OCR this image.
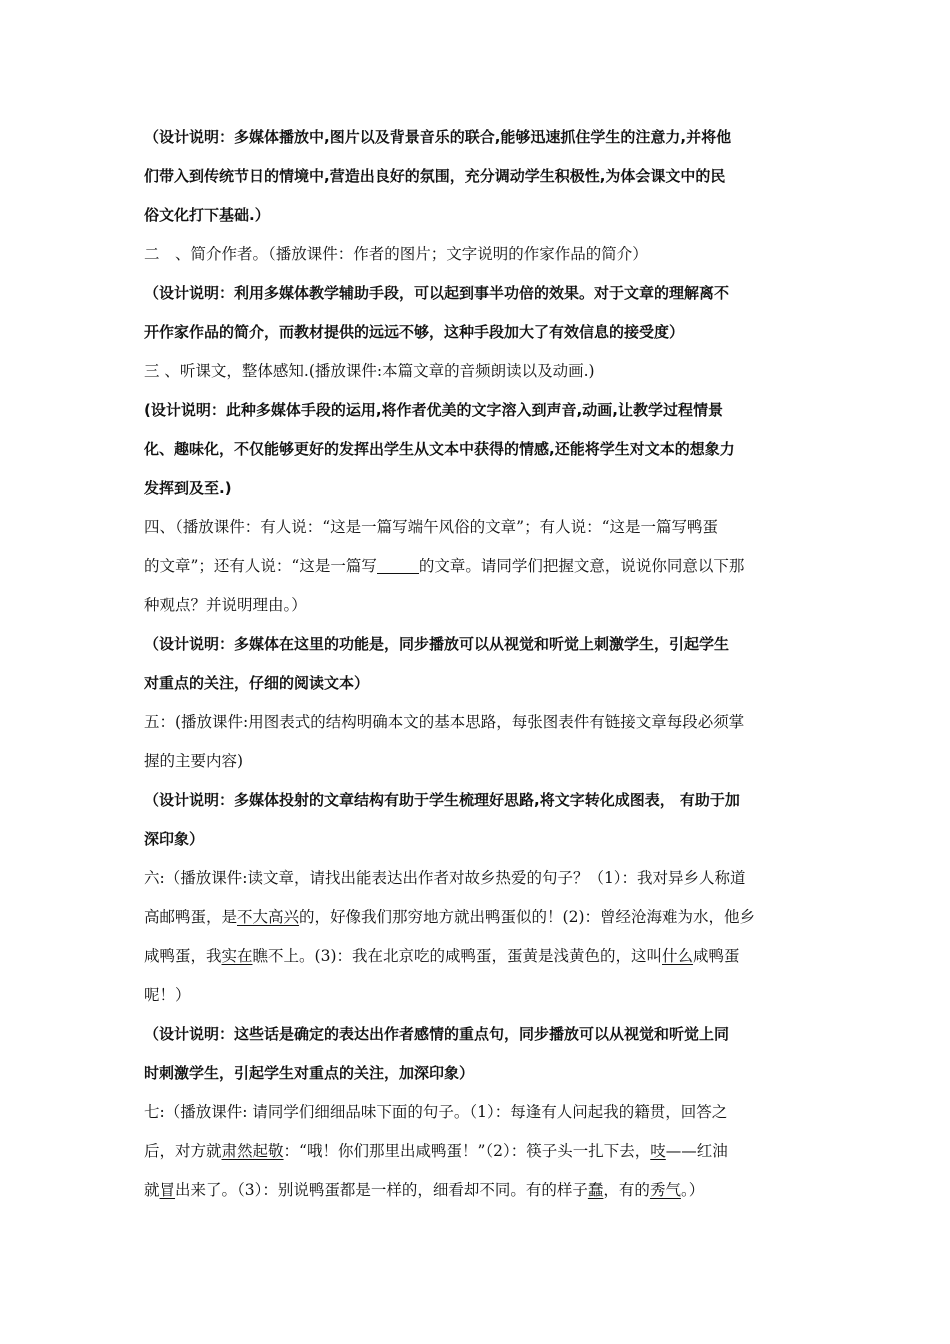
（设计说明：多媒体播放中,图片以及背景音乐的联合,能够迅速抓住学生的注意力,并将他
们带入到传统节日的情境中,营造出良好的氛围，充分调动学生积极性,为体会课文中的民
俗文化打下基础.）
二　、简介作者。（播放课件：作者的图片；文字说明的作家作品的简介）
（设计说明：利用多媒体教学辅助手段，可以起到事半功倍的效果。对于文章的理解离不
开作家作品的简介，而教材提供的远远不够，这种手段加大了有效信息的接受度）
三 、听课文，整体感知.(播放课件:本篇文章的音频朗读以及动画.)
(设计说明：此种多媒体手段的运用,将作者优美的文字溶入到声音,动画,让教学过程情景
化、趣味化，不仅能够更好的发挥出学生从文本中获得的情感,还能将学生对文本的想象力
发挥到及至.)
四、（播放课件：有人说：“这是一篇写端午风俗的文章”；有人说：“这是一篇写鸭蛋
的文章”；还有人说：“这是一篇写	的文章。请同学们把握文意，说说你同意以下那
种观点？并说明理由。）
（设计说明：多媒体在这里的功能是，同步播放可以从视觉和听觉上刺激学生，引起学生
对重点的关注，仔细的阅读文本）
五：(播放课件:用图表式的结构明确本文的基本思路，每张图表件有链接文章每段必须掌
握的主要内容)
（设计说明：多媒体投射的文章结构有助于学生梳理好思路,将文字转化成图表， 有助于加
深印象）
六:（播放课件:读文章，请找出能表达出作者对故乡热爱的句子？（1）：我对异乡人称道
高邮鸭蛋，是不大高兴的，好像我们那穷地方就出鸭蛋似的！(2)：曾经沧海难为水，他乡
咸鸭蛋，我实在瞧不上。(3)：我在北京吃的咸鸭蛋，蛋黄是浅黄色的，这叫什么咸鸭蛋
呢！）
（设计说明：这些话是确定的表达出作者感情的重点句，同步播放可以从视觉和听觉上同
时刺激学生，引起学生对重点的关注，加深印象）
七:（播放课件: 请同学们细细品味下面的句子。（1）：每逢有人问起我的籍贯，回答之
后，对方就肃然起敬：“哦！你们那里出咸鸭蛋！”（2）：筷子头一扎下去，吱——红油
就冒出来了。（3）：别说鸭蛋都是一样的，细看却不同。有的样子蠢，有的秀气。）
